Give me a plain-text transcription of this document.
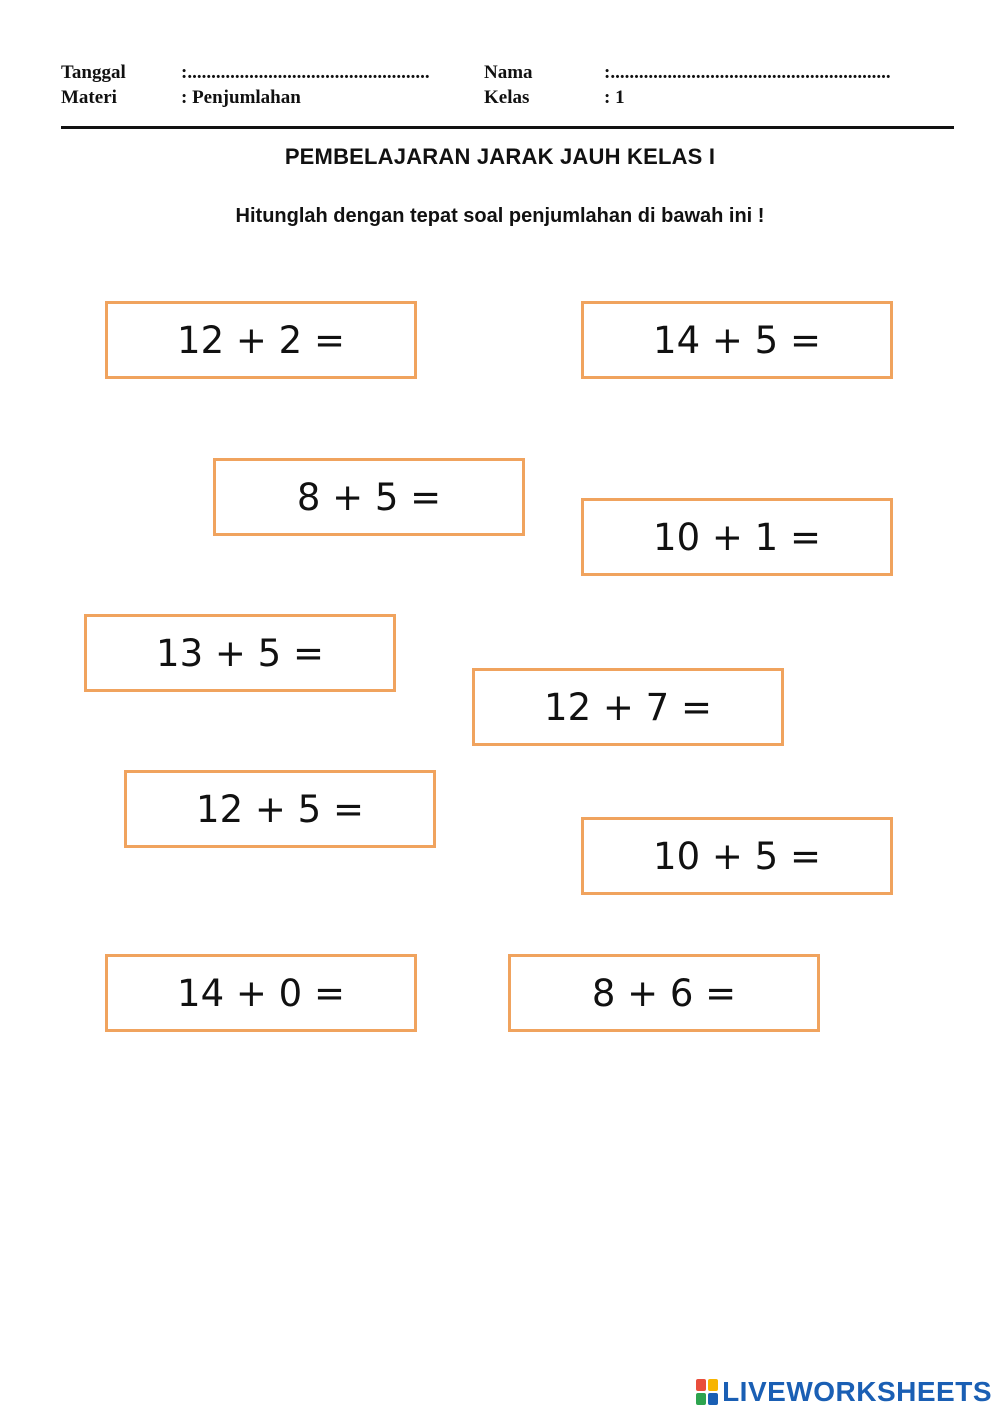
Tanggal	:...................................................	Nama	:...........................................................
Materi	: Penjumlahan	Kelas	: 1
PEMBELAJARAN JARAK JAUH KELAS I
Hitunglah dengan tepat soal penjumlahan di bawah ini !
12 + 2 =	14 + 5 =
8 + 5 =
10 + 1 =
13 + 5 =
12 + 7 =
12 + 5 =
10 + 5 =
14 + 0 =	8 + 6 =
LIVEWORKSHEETS
